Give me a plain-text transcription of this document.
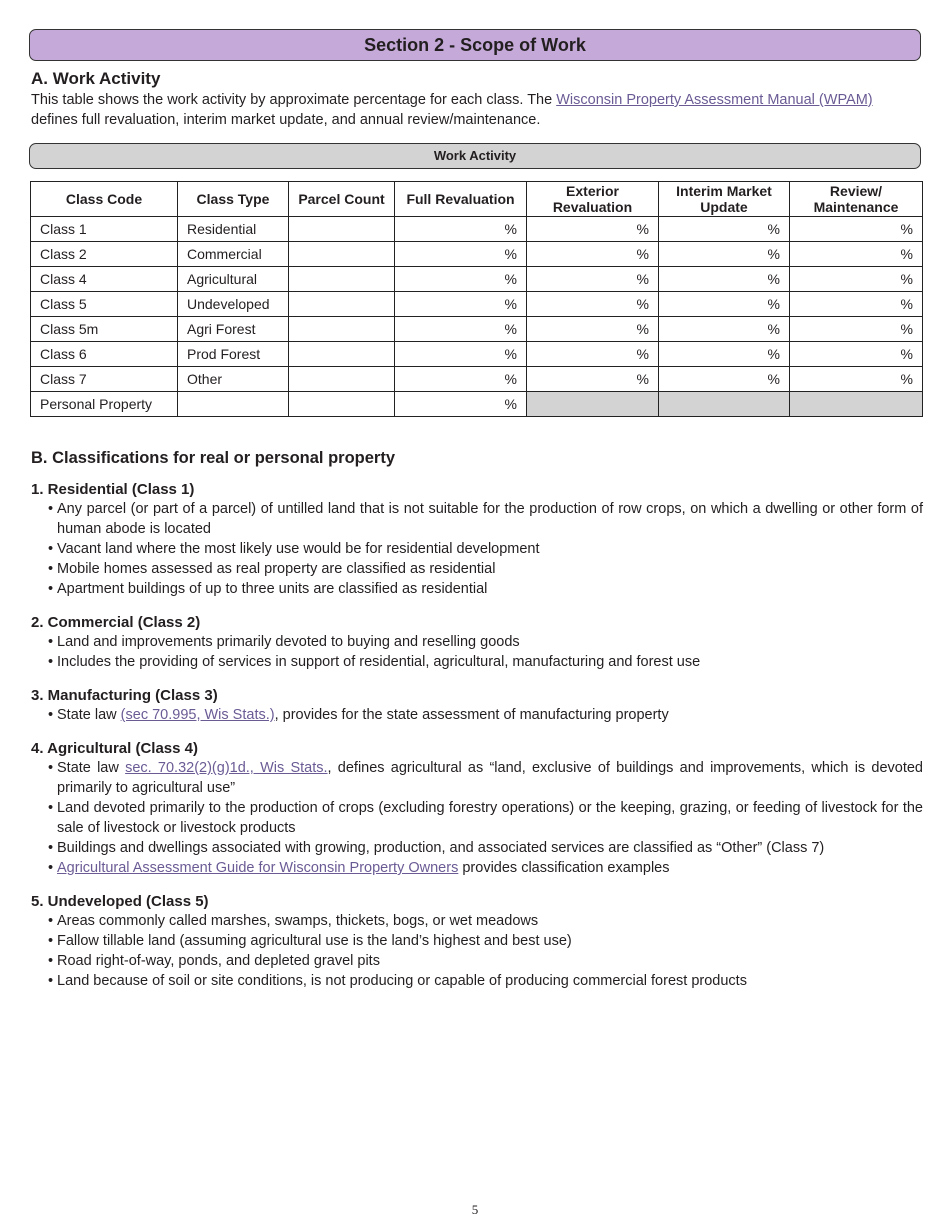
Section 2 - Scope of Work
A. Work Activity
This table shows the work activity by approximate percentage for each class. The Wisconsin Property Assessment Manual (WPAM) defines full revaluation, interim market update, and annual review/maintenance.
Work Activity
Class Code	Class Type	Parcel Count	Full Revaluation	Exterior Revaluation	Interim Market Update	Review/ Maintenance
Class 1	Residential		%	%	%	%
Class 2	Commercial		%	%	%	%
Class 4	Agricultural		%	%	%	%
Class 5	Undeveloped		%	%	%	%
Class 5m	Agri Forest		%	%	%	%
Class 6	Prod Forest		%	%	%	%
Class 7	Other		%	%	%	%
Personal Property			%			
B. Classifications for real or personal property
1. Residential (Class 1)
• Any parcel (or part of a parcel) of untilled land that is not suitable for the production of row crops, on which a dwelling or other form of human abode is located
• Vacant land where the most likely use would be for residential development
• Mobile homes assessed as real property are classified as residential
• Apartment buildings of up to three units are classified as residential
2. Commercial (Class 2)
• Land and improvements primarily devoted to buying and reselling goods
• Includes the providing of services in support of residential, agricultural, manufacturing and forest use
3. Manufacturing (Class 3)
• State law (sec 70.995, Wis Stats.), provides for the state assessment of manufacturing property
4. Agricultural (Class 4)
• State law sec. 70.32(2)(g)1d., Wis Stats., defines agricultural as “land, exclusive of buildings and improvements, which is devoted primarily to agricultural use”
• Land devoted primarily to the production of crops (excluding forestry operations) or the keeping, grazing, or feeding of livestock for the sale of livestock or livestock products
• Buildings and dwellings associated with growing, production, and associated services are classified as “Other” (Class 7)
• Agricultural Assessment Guide for Wisconsin Property Owners provides classification examples
5. Undeveloped (Class 5)
• Areas commonly called marshes, swamps, thickets, bogs, or wet meadows
• Fallow tillable land (assuming agricultural use is the land’s highest and best use)
• Road right-of-way, ponds, and depleted gravel pits
• Land because of soil or site conditions, is not producing or capable of producing commercial forest products
5
